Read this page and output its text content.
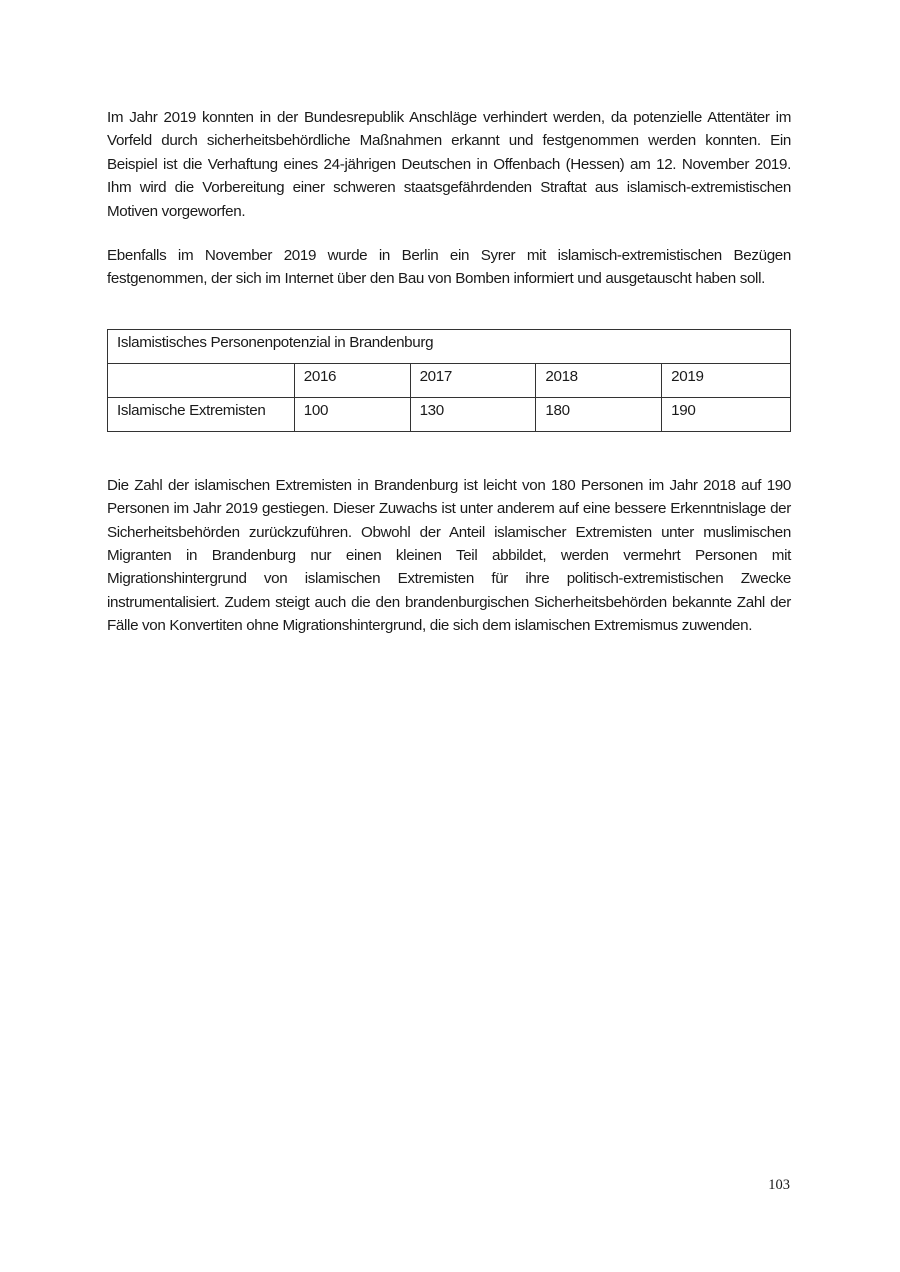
Im Jahr 2019 konnten in der Bundesrepublik Anschläge verhindert werden, da potenzielle Attentäter im Vorfeld durch sicherheitsbehördliche Maßnahmen erkannt und festgenommen werden konnten. Ein Beispiel ist die Verhaftung eines 24-jährigen Deutschen in Offenbach (Hessen) am 12. November 2019. Ihm wird die Vorbereitung einer schweren staatsgefährdenden Straftat aus islamisch-extremistischen Motiven vorgeworfen.

Ebenfalls im November 2019 wurde in Berlin ein Syrer mit islamisch-extremistischen Bezügen festgenommen, der sich im Internet über den Bau von Bomben informiert und ausgetauscht haben soll.

Islamistisches Personenpotenzial in Brandenburg				
	2016	2017	2018	2019
Islamische Extremisten	100	130	180	190

Die Zahl der islamischen Extremisten in Brandenburg ist leicht von 180 Personen im Jahr 2018 auf 190 Personen im Jahr 2019 gestiegen. Dieser Zuwachs ist unter anderem auf eine bessere Erkenntnislage der Sicherheitsbehörden zurückzuführen. Obwohl der Anteil islamischer Extremisten unter muslimischen Migranten in Brandenburg nur einen kleinen Teil abbildet, werden vermehrt Personen mit Migrationshintergrund von islamischen Extremisten für ihre politisch-extremistischen Zwecke instrumentalisiert. Zudem steigt auch die den brandenburgischen Sicherheitsbehörden bekannte Zahl der Fälle von Konvertiten ohne Migrationshintergrund, die sich dem islamischen Extremismus zuwenden.

103
